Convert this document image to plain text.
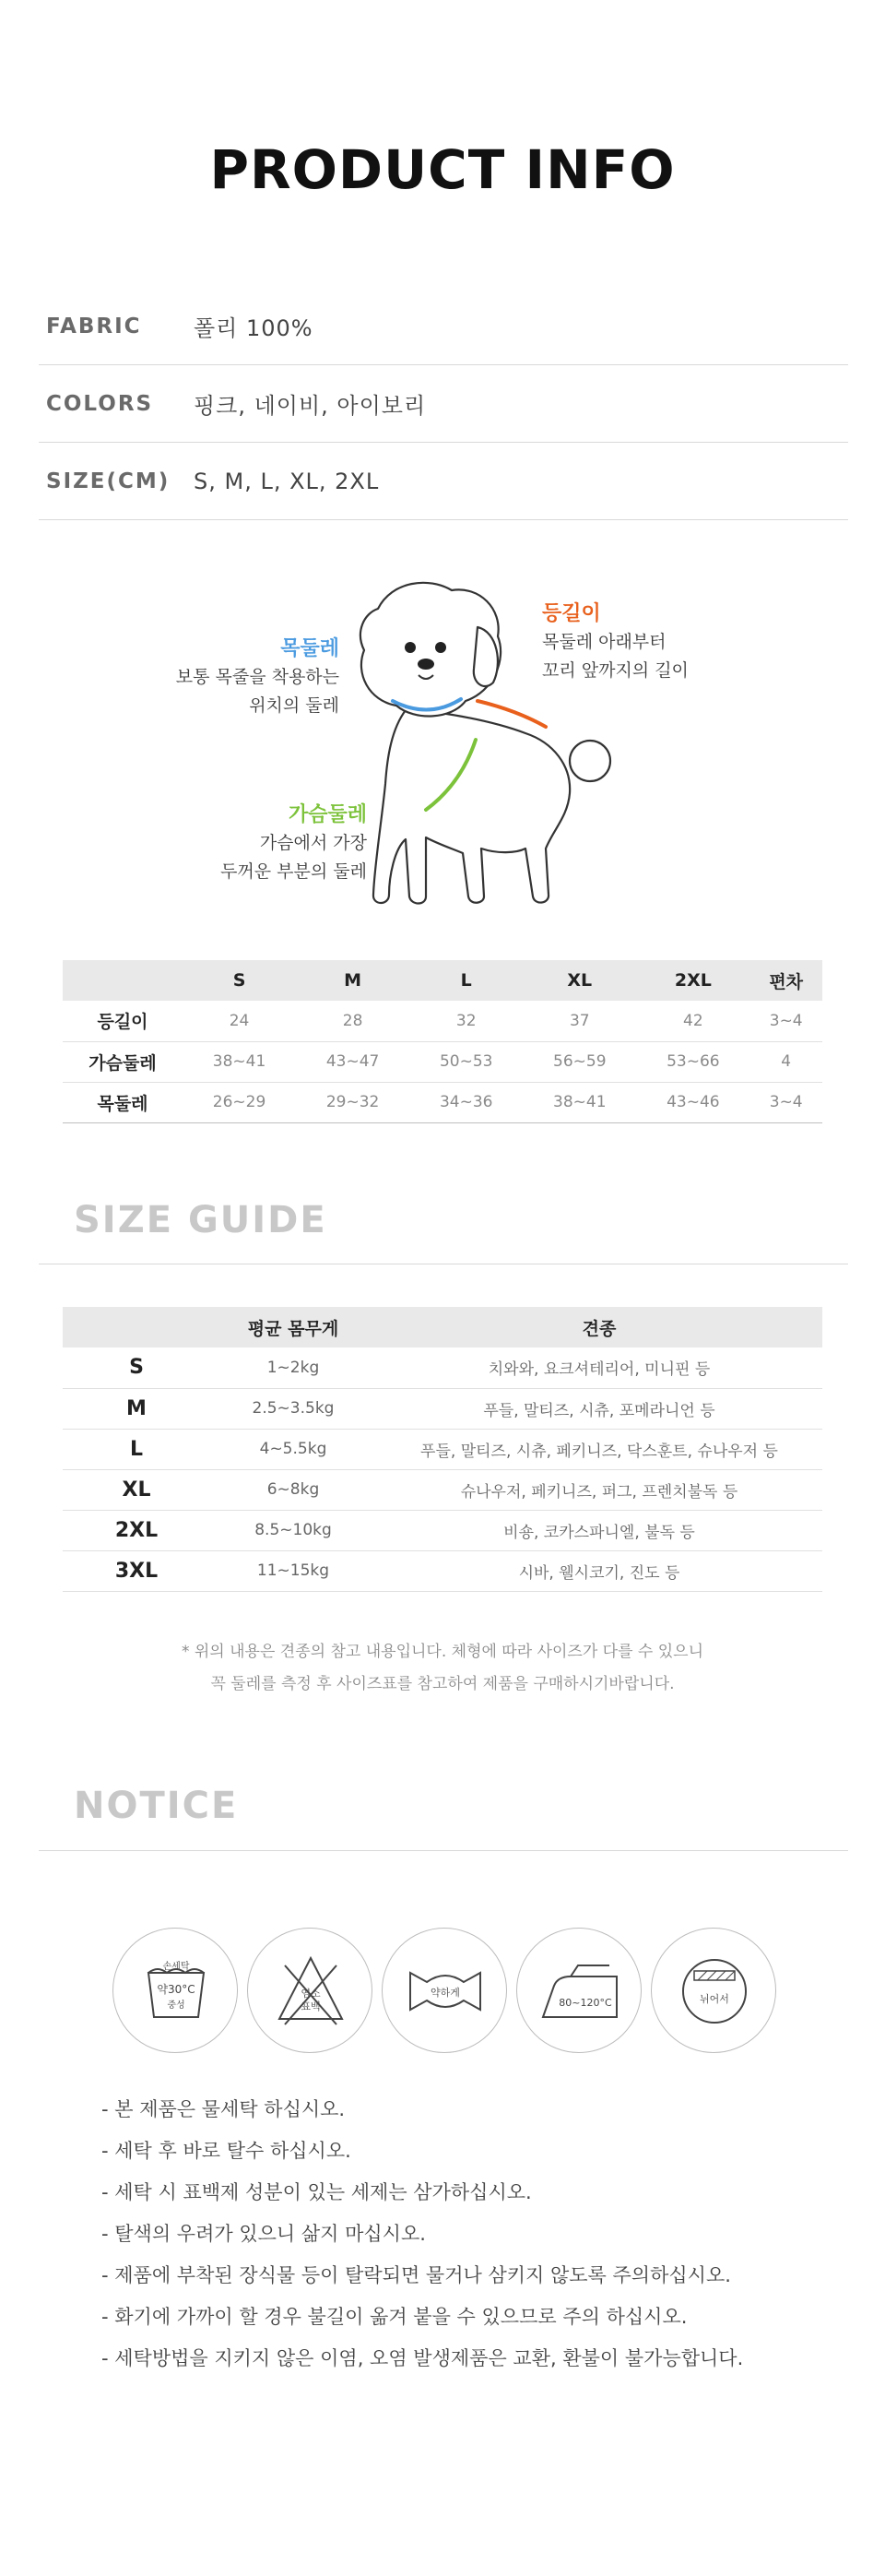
PRODUCT INFO
FABRIC	폴리 100%
COLORS	핑크, 네이비, 아이보리
SIZE(CM)	S, M, L, XL, 2XL
목둘레
보통 목줄을 착용하는
위치의 둘레
등길이
목둘레 아래부터
꼬리 앞까지의 길이
가슴둘레
가슴에서 가장
두꺼운 부분의 둘레
	S	M	L	XL	2XL	편차
등길이	24	28	32	37	42	3~4
가슴둘레	38~41	43~47	50~53	56~59	53~66	4
목둘레	26~29	29~32	34~36	38~41	43~46	3~4
SIZE GUIDE
	평균 몸무게	견종
S	1~2kg	치와와, 요크셔테리어, 미니핀 등
M	2.5~3.5kg	푸들, 말티즈, 시츄, 포메라니언 등
L	4~5.5kg	푸들, 말티즈, 시츄, 페키니즈, 닥스훈트, 슈나우저 등
XL	6~8kg	슈나우저, 페키니즈, 퍼그, 프렌치불독 등
2XL	8.5~10kg	비숑, 코카스파니엘, 불독 등
3XL	11~15kg	시바, 웰시코기, 진도 등
* 위의 내용은 견종의 참고 내용입니다. 체형에 따라 사이즈가 다를 수 있으니
꼭 둘레를 측정 후 사이즈표를 참고하여 제품을 구매하시기바랍니다.
NOTICE
손세탁
약30°C
중성
염소
표백
약하게
80~120°C	뉘어서
- 본 제품은 물세탁 하십시오.
- 세탁 후 바로 탈수 하십시오.
- 세탁 시 표백제 성분이 있는 세제는 삼가하십시오.
- 탈색의 우려가 있으니 삶지 마십시오.
- 제품에 부착된 장식물 등이 탈락되면 물거나 삼키지 않도록 주의하십시오.
- 화기에 가까이 할 경우 불길이 옮겨 붙을 수 있으므로 주의 하십시오.
- 세탁방법을 지키지 않은 이염, 오염 발생제품은 교환, 환불이 불가능합니다.
